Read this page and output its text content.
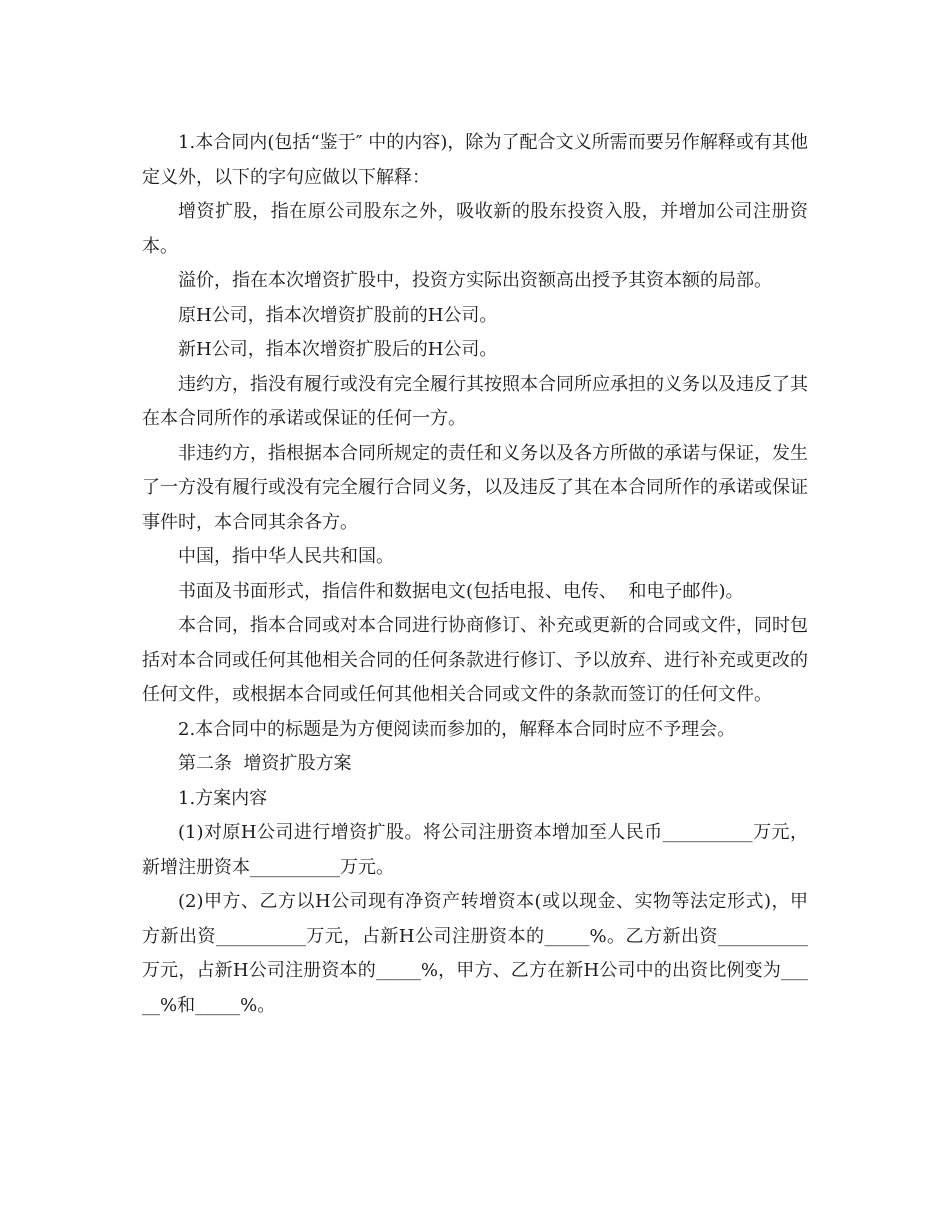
1.本合同内(包括“鉴于″ 中的内容)，除为了配合文义所需而要另作解释或有其他定义外，以下的字句应做以下解释：

增资扩股，指在原公司股东之外，吸收新的股东投资入股，并增加公司注册资本。

溢价，指在本次增资扩股中，投资方实际出资额高出授予其资本额的局部。

原H公司，指本次增资扩股前的H公司。

新H公司，指本次增资扩股后的H公司。

违约方，指没有履行或没有完全履行其按照本合同所应承担的义务以及违反了其在本合同所作的承诺或保证的任何一方。

非违约方，指根据本合同所规定的责任和义务以及各方所做的承诺与保证，发生了一方没有履行或没有完全履行合同义务，以及违反了其在本合同所作的承诺或保证事件时，本合同其余各方。

中国，指中华人民共和国。

书面及书面形式，指信件和数据电文(包括电报、电传、  和电子邮件)。

本合同，指本合同或对本合同进行协商修订、补充或更新的合同或文件，同时包括对本合同或任何其他相关合同的任何条款进行修订、予以放弃、进行补充或更改的任何文件，或根据本合同或任何其他相关合同或文件的条款而签订的任何文件。

2.本合同中的标题是为方便阅读而参加的，解释本合同时应不予理会。

第二条  增资扩股方案

1.方案内容

(1)对原H公司进行增资扩股。将公司注册资本增加至人民币__________万元，新增注册资本__________万元。

(2)甲方、乙方以H公司现有净资产转增资本(或以现金、实物等法定形式)，甲方新出资__________万元，占新H公司注册资本的_____%。乙方新出资__________万元，占新H公司注册资本的_____%，甲方、乙方在新H公司中的出资比例变为_____%和_____%。
